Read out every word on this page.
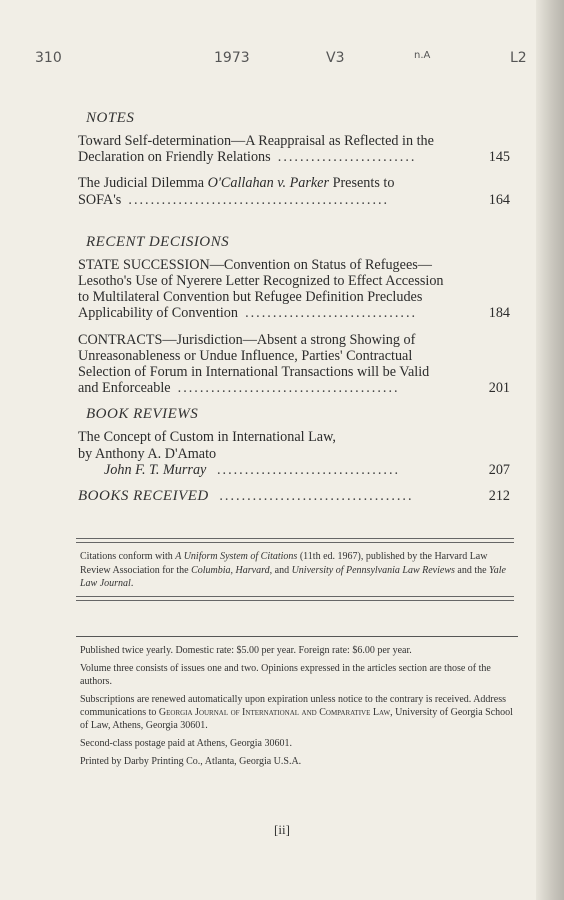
310	1973	V3	n.A	L2
NOTES
Toward Self-determination—A Reappraisal as Reflected in the
Declaration on Friendly Relations .........................	145
The Judicial Dilemma O'Callahan v. Parker Presents to
SOFA's ...............................................	164
RECENT DECISIONS
STATE SUCCESSION—Convention on Status of Refugees—
Lesotho's Use of Nyerere Letter Recognized to Effect Accession
to Multilateral Convention but Refugee Definition Precludes
Applicability of Convention ...............................	184
CONTRACTS—Jurisdiction—Absent a strong Showing of
Unreasonableness or Undue Influence, Parties' Contractual
Selection of Forum in International Transactions will be Valid
and Enforceable ........................................	201
BOOK REVIEWS
The Concept of Custom in International Law,
by Anthony A. D'Amato
John F. T. Murray .................................	207
BOOKS RECEIVED ...................................	212
Citations conform with A Uniform System of Citations (11th ed. 1967), published by the Harvard Law Review Association for the Columbia, Harvard, and University of Pennsylvania Law Reviews and the Yale Law Journal.

Published twice yearly. Domestic rate: $5.00 per year. Foreign rate: $6.00 per year.

Volume three consists of issues one and two. Opinions expressed in the articles section are those of the authors.

Subscriptions are renewed automatically upon expiration unless notice to the contrary is received. Address communications to Georgia Journal of International and Comparative Law, University of Georgia School of Law, Athens, Georgia 30601.

Second-class postage paid at Athens, Georgia 30601.

Printed by Darby Printing Co., Atlanta, Georgia U.S.A.

[ii]
